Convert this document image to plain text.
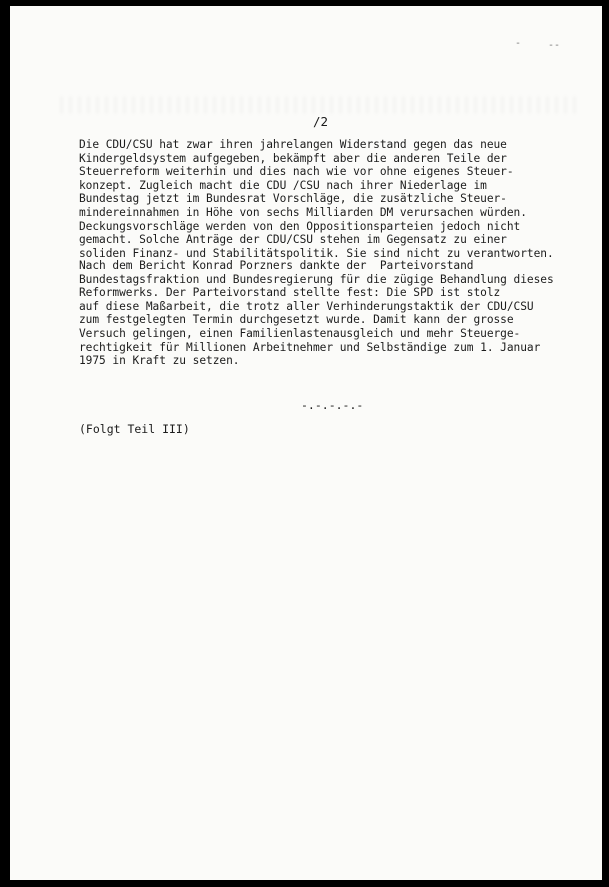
-	--
/2
Die CDU/CSU hat zwar ihren jahrelangen Widerstand gegen das neue
Kindergeldsystem aufgegeben, bekämpft aber die anderen Teile der
Steuerreform weiterhin und dies nach wie vor ohne eigenes Steuer-
konzept. Zugleich macht die CDU /CSU nach ihrer Niederlage im
Bundestag jetzt im Bundesrat Vorschläge, die zusätzliche Steuer-
mindereinnahmen in Höhe von sechs Milliarden DM verursachen würden.
Deckungsvorschläge werden von den Oppositionsparteien jedoch nicht
gemacht. Solche Anträge der CDU/CSU stehen im Gegensatz zu einer
soliden Finanz- und Stabilitätspolitik. Sie sind nicht zu verantworten.
Nach dem Bericht Konrad Porzners dankte der  Parteivorstand
Bundestagsfraktion und Bundesregierung für die zügige Behandlung dieses
Reformwerks. Der Parteivorstand stellte fest: Die SPD ist stolz
auf diese Maßarbeit, die trotz aller Verhinderungstaktik der CDU/CSU
zum festgelegten Termin durchgesetzt wurde. Damit kann der grosse
Versuch gelingen, einen Familienlastenausgleich und mehr Steuerge-
rechtigkeit für Millionen Arbeitnehmer und Selbständige zum 1. Januar
1975 in Kraft zu setzen.
-.-.-.-.-
(Folgt Teil III)
